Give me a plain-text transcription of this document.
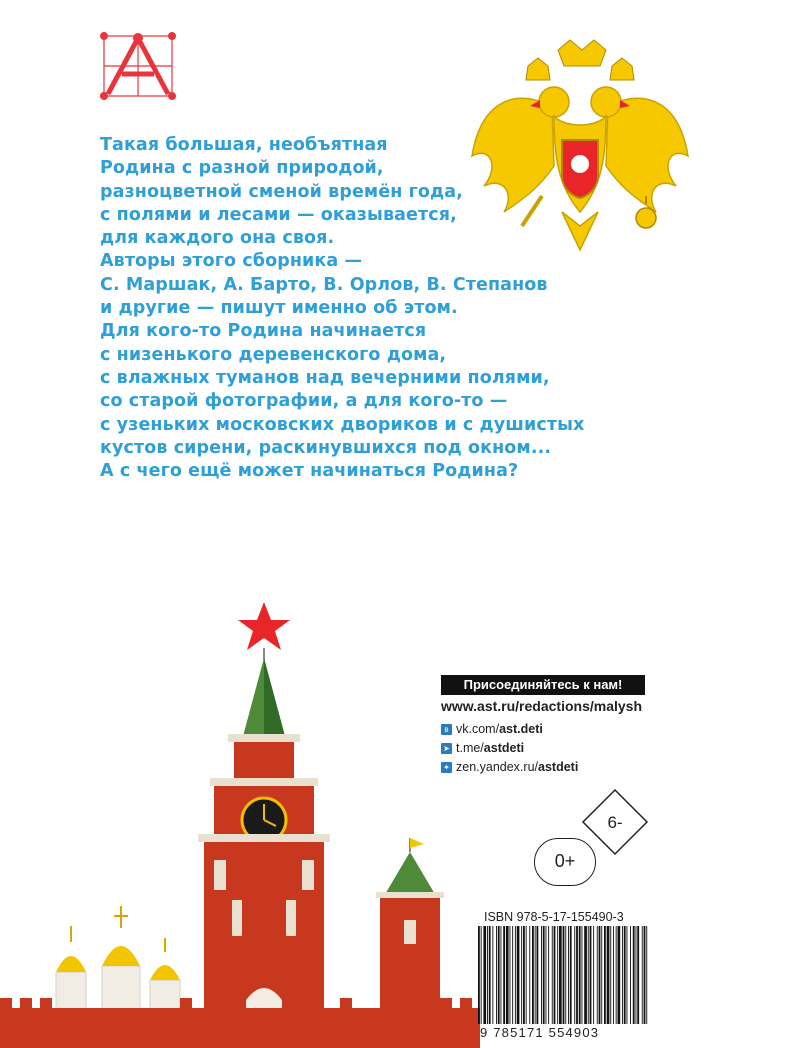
Такая большая, необъятная
Родина с разной природой,
разноцветной сменой времён года,
с полями и лесами — оказывается,
для каждого она своя.
Авторы этого сборника —
С. Маршак, А. Барто, В. Орлов, В. Степанов
и другие — пишут именно об этом.
Для кого-то Родина начинается
с низенького деревенского дома,
с влажных туманов над вечерними полями,
со старой фотографии, а для кого-то —
с узеньких московских двориков и с душистых
кустов сирени, раскинувшихся под окном...
А с чего ещё может начинаться Родина?
Присоединяйтесь к нам!
www.ast.ru/redactions/malysh
в vk.com/ ast.deti
➤ t.me/ astdeti
✦ zen.yandex.ru/ astdeti
6-
0+
ISBN 978-5-17-155490-3
9 785171 554903
